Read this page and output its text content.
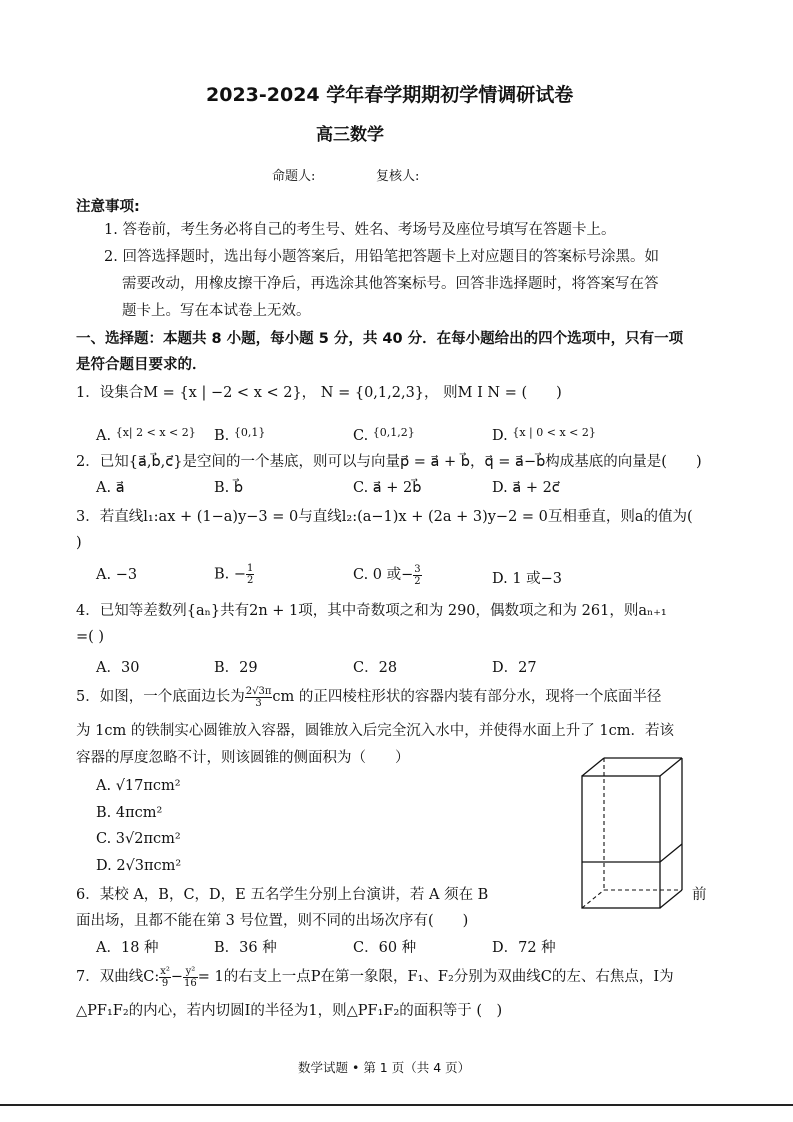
2023-2024 学年春学期期初学情调研试卷
高三数学
命题人:	复核人:
注意事项:
1. 答卷前，考生务必将自己的考生号、姓名、考场号及座位号填写在答题卡上。
2. 回答选择题时，选出每小题答案后，用铅笔把答题卡上对应题目的答案标号涂黑。如
需要改动，用橡皮擦干净后，再选涂其他答案标号。回答非选择题时，将答案写在答
题卡上。写在本试卷上无效。
一、选择题：本题共 8 小题，每小题 5 分，共 40 分．在每小题给出的四个选项中，只有一项
是符合题目要求的．
1．设集合M = {x | −2 < x < 2}， N = {0,1,2,3}， 则M I N = (　　)
A. $^{\{x| 2 < x < 2\}}$ B. $^{\{0,1\}}$	C. $^{\{0,1,2\}}$	D. $^{\{x | 0 < x < 2\}}$
2．已知{a⃗,b⃗,c⃗}是空间的一个基底，则可以与向量p⃗ = a⃗ + b⃗，q⃗ = a⃗−b⃗构成基底的向量是(　　)
A. a⃗	B. b⃗	C. a⃗ + 2b⃗	D. a⃗ + 2c⃗
3．若直线l₁:ax + (1−a)y−3 = 0与直线l₂:(a−1)x + (2a + 3)y−2 = 0互相垂直，则a的值为(
)
A. −3	B. − $\frac{1}{2}$	C. 0 或− $\frac{3}{2}$	D. 1 或−3
4．已知等差数列{aₙ}共有2n + 1项，其中奇数项之和为 290，偶数项之和为 261，则aₙ₊₁
=( )
A．30	B．29	C．28	D．27
5．如图，一个底面边长为 $\frac{2√3\pi}{3}$ cm 的正四棱柱形状的容器内装有部分水，现将一个底面半径
为 1cm 的铁制实心圆锥放入容器，圆锥放入后完全沉入水中，并使得水面上升了 1cm．若该
容器的厚度忽略不计，则该圆锥的侧面积为（　　）
A. √17πcm²
B. 4πcm²
C. 3√2πcm²
D. 2√3πcm²
6．某校 A，B，C，D，E 五名学生分别上台演讲，若 A 须在 B	前
面出场，且都不能在第 3 号位置，则不同的出场次序有(　　)
A．18 种	B．36 种	C．60 种	D．72 种
7．双曲线C: $\frac{\text{x²}}{9} - \frac{\text{y²}}{16} = 1$的右支上一点P在第一象限，F₁、F₂分别为双曲线C的左、右焦点，I为
△PF₁F₂的内心，若内切圆I的半径为1，则△PF₁F₂的面积等于 (　)
数学试题 • 第 1 页（共 4 页）
